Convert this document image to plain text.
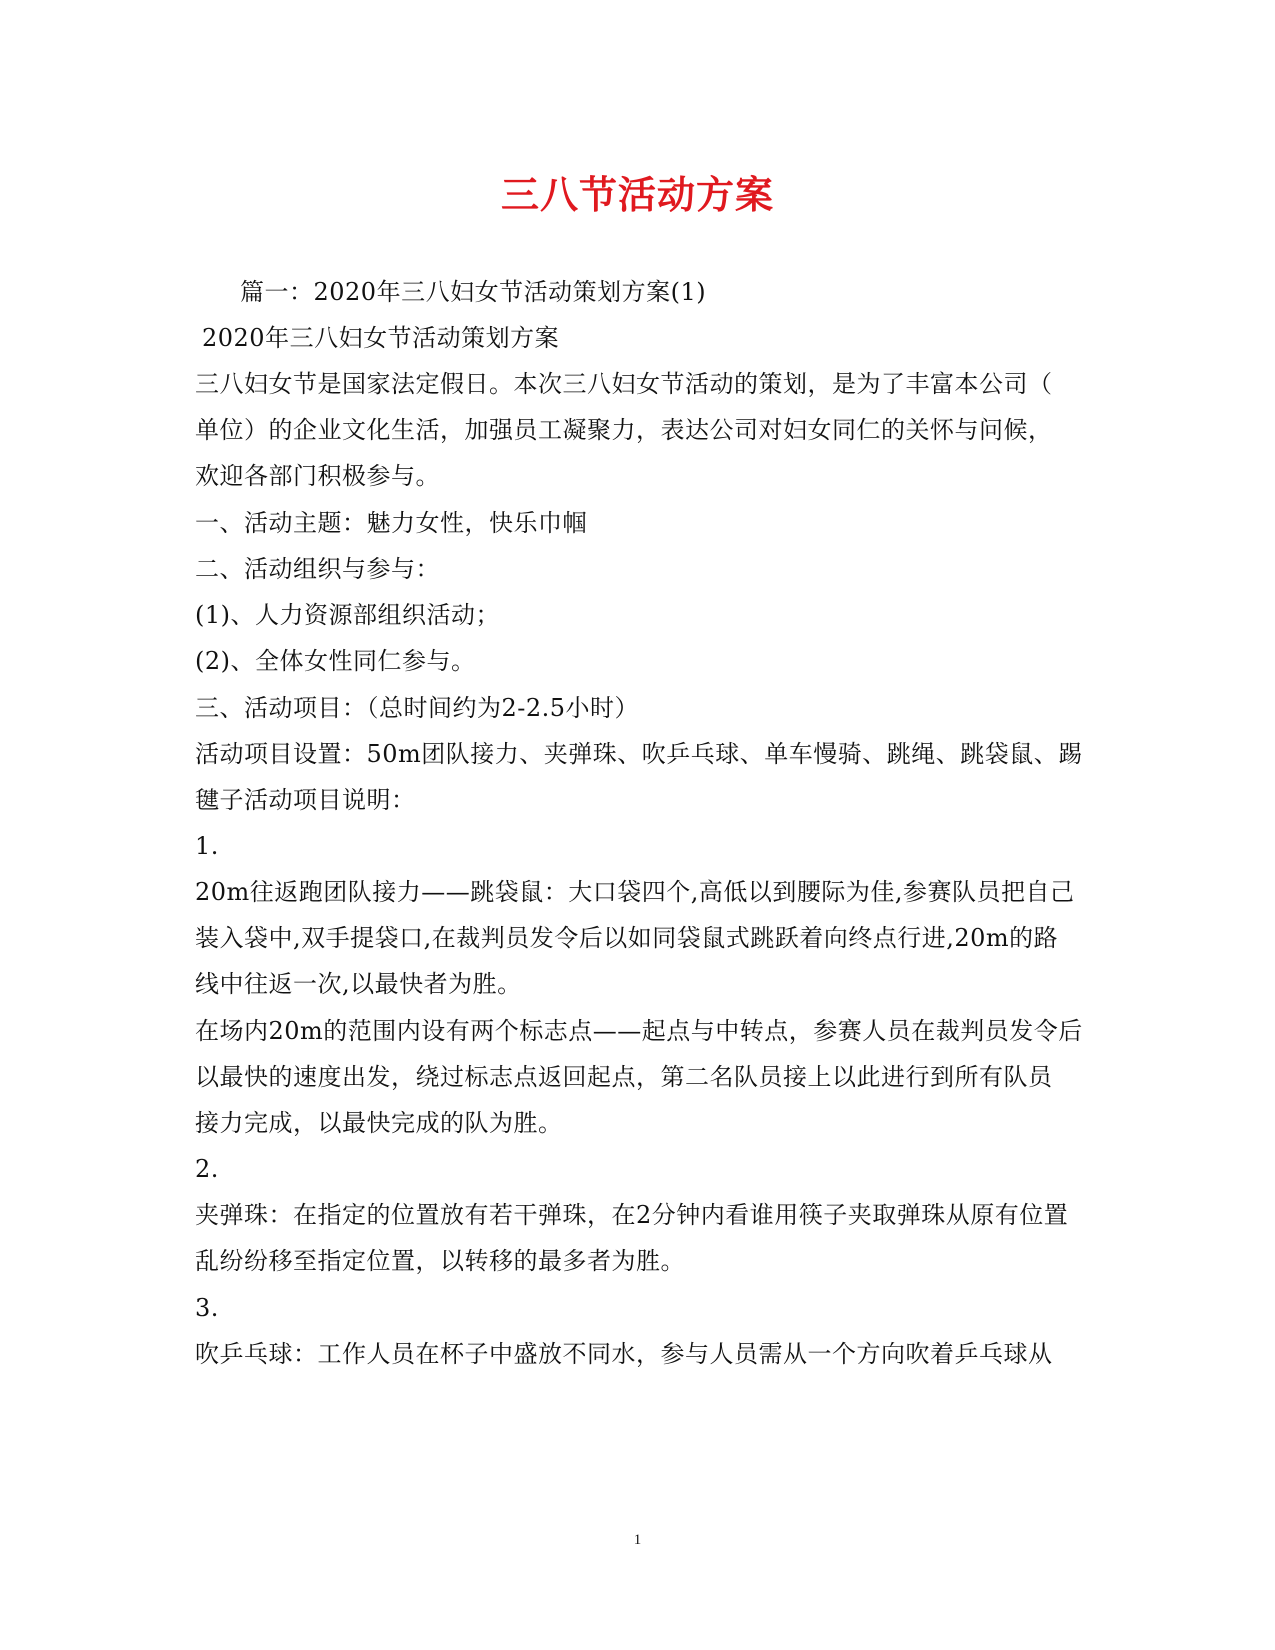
三八节活动方案
篇一：2020年三八妇女节活动策划方案(1)
2020年三八妇女节活动策划方案
三八妇女节是国家法定假日。本次三八妇女节活动的策划，是为了丰富本公司（
单位）的企业文化生活，加强员工凝聚力，表达公司对妇女同仁的关怀与问候，
欢迎各部门积极参与。
一、活动主题：魅力女性，快乐巾帼
二、活动组织与参与：
(1)、人力资源部组织活动；
(2)、全体女性同仁参与。
三、活动项目：（总时间约为2-2.5小时）
活动项目设置：50m团队接力、夹弹珠、吹乒乓球、单车慢骑、跳绳、跳袋鼠、踢
毽子活动项目说明：
1.
20m往返跑团队接力——跳袋鼠：大口袋四个,高低以到腰际为佳,参赛队员把自己
装入袋中,双手提袋口,在裁判员发令后以如同袋鼠式跳跃着向终点行进,20m的路
线中往返一次,以最快者为胜。
在场内20m的范围内设有两个标志点——起点与中转点，参赛人员在裁判员发令后
以最快的速度出发，绕过标志点返回起点，第二名队员接上以此进行到所有队员
接力完成，以最快完成的队为胜。
2.
夹弹珠：在指定的位置放有若干弹珠，在2分钟内看谁用筷子夹取弹珠从原有位置
乱纷纷移至指定位置，以转移的最多者为胜。
3.
吹乒乓球：工作人员在杯子中盛放不同水，参与人员需从一个方向吹着乒乓球从
1
